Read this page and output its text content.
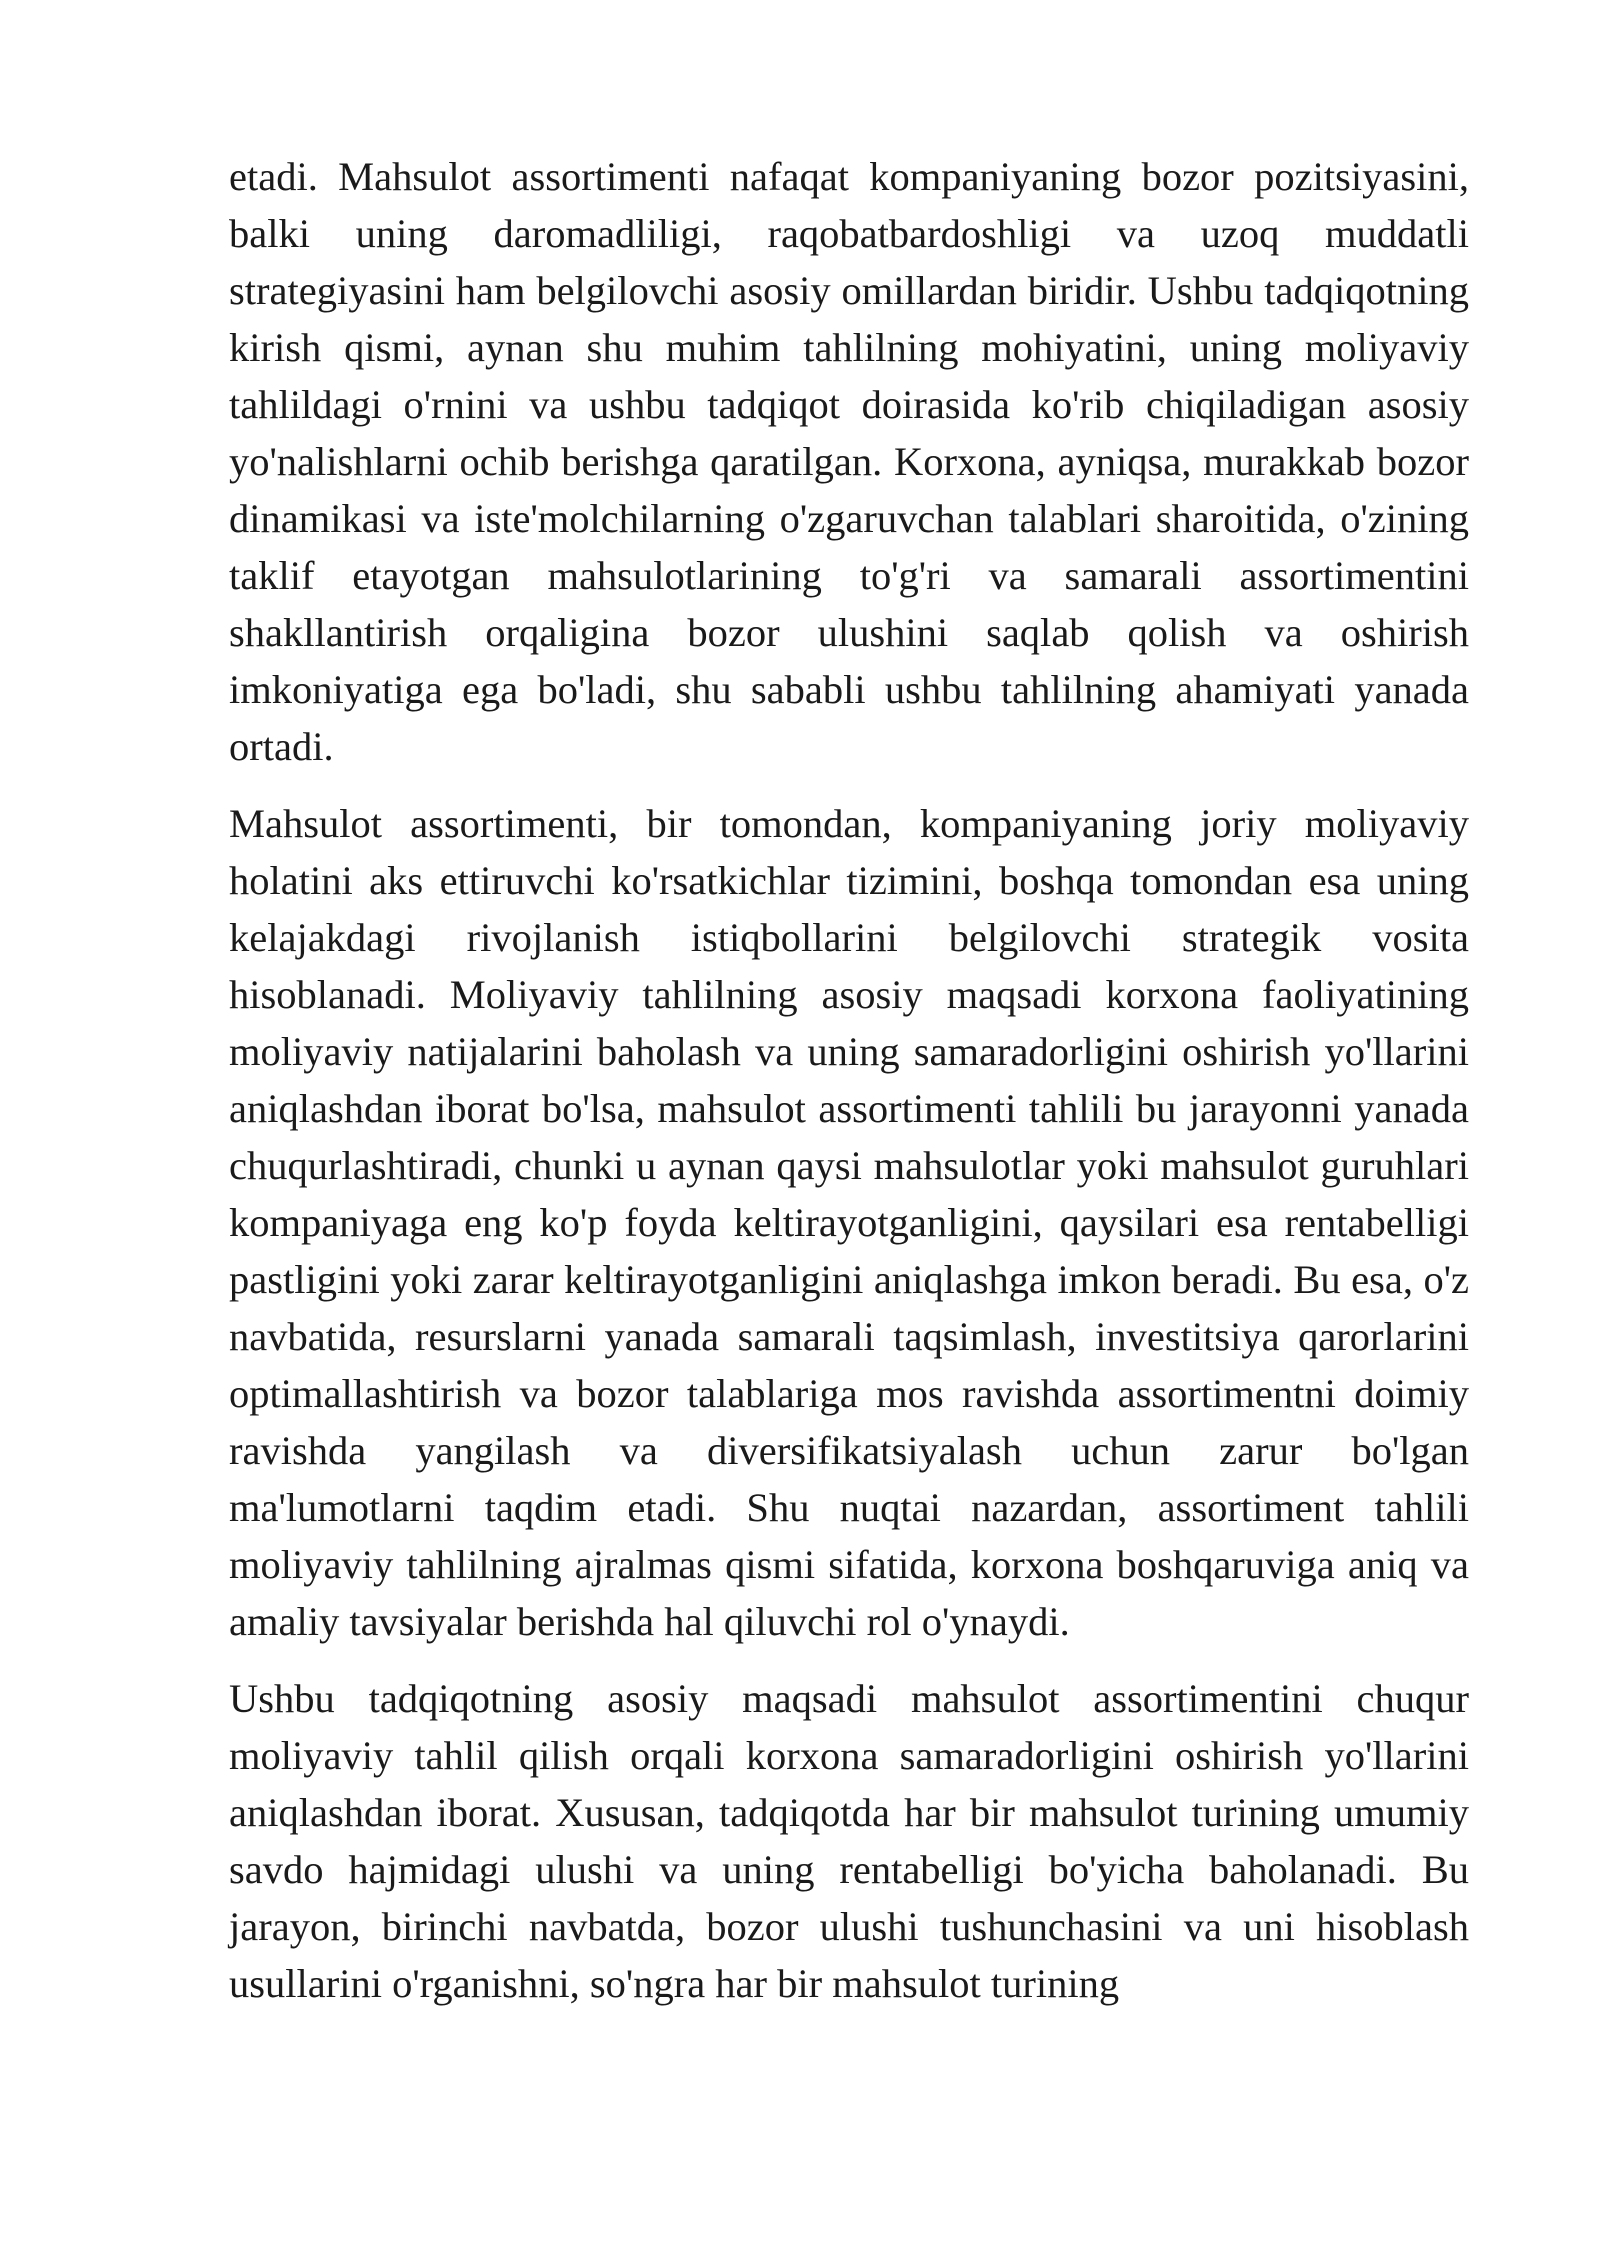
etadi. Mahsulot assortimenti nafaqat kompaniyaning bozor pozitsiyasini, balki uning daromadliligi, raqobatbardoshligi va uzoq muddatli strategiyasini ham belgilovchi asosiy omillardan biridir. Ushbu tadqiqotning kirish qismi, aynan shu muhim tahlilning mohiyatini, uning moliyaviy tahlildagi o'rnini va ushbu tadqiqot doirasida ko'rib chiqiladigan asosiy yo'nalishlarni ochib berishga qaratilgan. Korxona, ayniqsa, murakkab bozor dinamikasi va iste'molchilarning o'zgaruvchan talablari sharoitida, o'zining taklif etayotgan mahsulotlarining to'g'ri va samarali assortimentini shakllantirish orqaligina bozor ulushini saqlab qolish va oshirish imkoniyatiga ega bo'ladi, shu sababli ushbu tahlilning ahamiyati yanada ortadi.

Mahsulot assortimenti, bir tomondan, kompaniyaning joriy moliyaviy holatini aks ettiruvchi ko'rsatkichlar tizimini, boshqa tomondan esa uning kelajakdagi rivojlanish istiqbollarini belgilovchi strategik vosita hisoblanadi. Moliyaviy tahlilning asosiy maqsadi korxona faoliyatining moliyaviy natijalarini baholash va uning samaradorligini oshirish yo'llarini aniqlashdan iborat bo'lsa, mahsulot assortimenti tahlili bu jarayonni yanada chuqurlashtiradi, chunki u aynan qaysi mahsulotlar yoki mahsulot guruhlari kompaniyaga eng ko'p foyda keltirayotganligini, qaysilari esa rentabelligi pastligini yoki zarar keltirayotganligini aniqlashga imkon beradi. Bu esa, o'z navbatida, resurslarni yanada samarali taqsimlash, investitsiya qarorlarini optimallashtirish va bozor talablariga mos ravishda assortimentni doimiy ravishda yangilash va diversifikatsiyalash uchun zarur bo'lgan ma'lumotlarni taqdim etadi. Shu nuqtai nazardan, assortiment tahlili moliyaviy tahlilning ajralmas qismi sifatida, korxona boshqaruviga aniq va amaliy tavsiyalar berishda hal qiluvchi rol o'ynaydi.

Ushbu tadqiqotning asosiy maqsadi mahsulot assortimentini chuqur moliyaviy tahlil qilish orqali korxona samaradorligini oshirish yo'llarini aniqlashdan iborat. Xususan, tadqiqotda har bir mahsulot turining umumiy savdo hajmidagi ulushi va uning rentabelligi bo'yicha baholanadi. Bu jarayon, birinchi navbatda, bozor ulushi tushunchasini va uni hisoblash usullarini o'rganishni, so'ngra har bir mahsulot turining
